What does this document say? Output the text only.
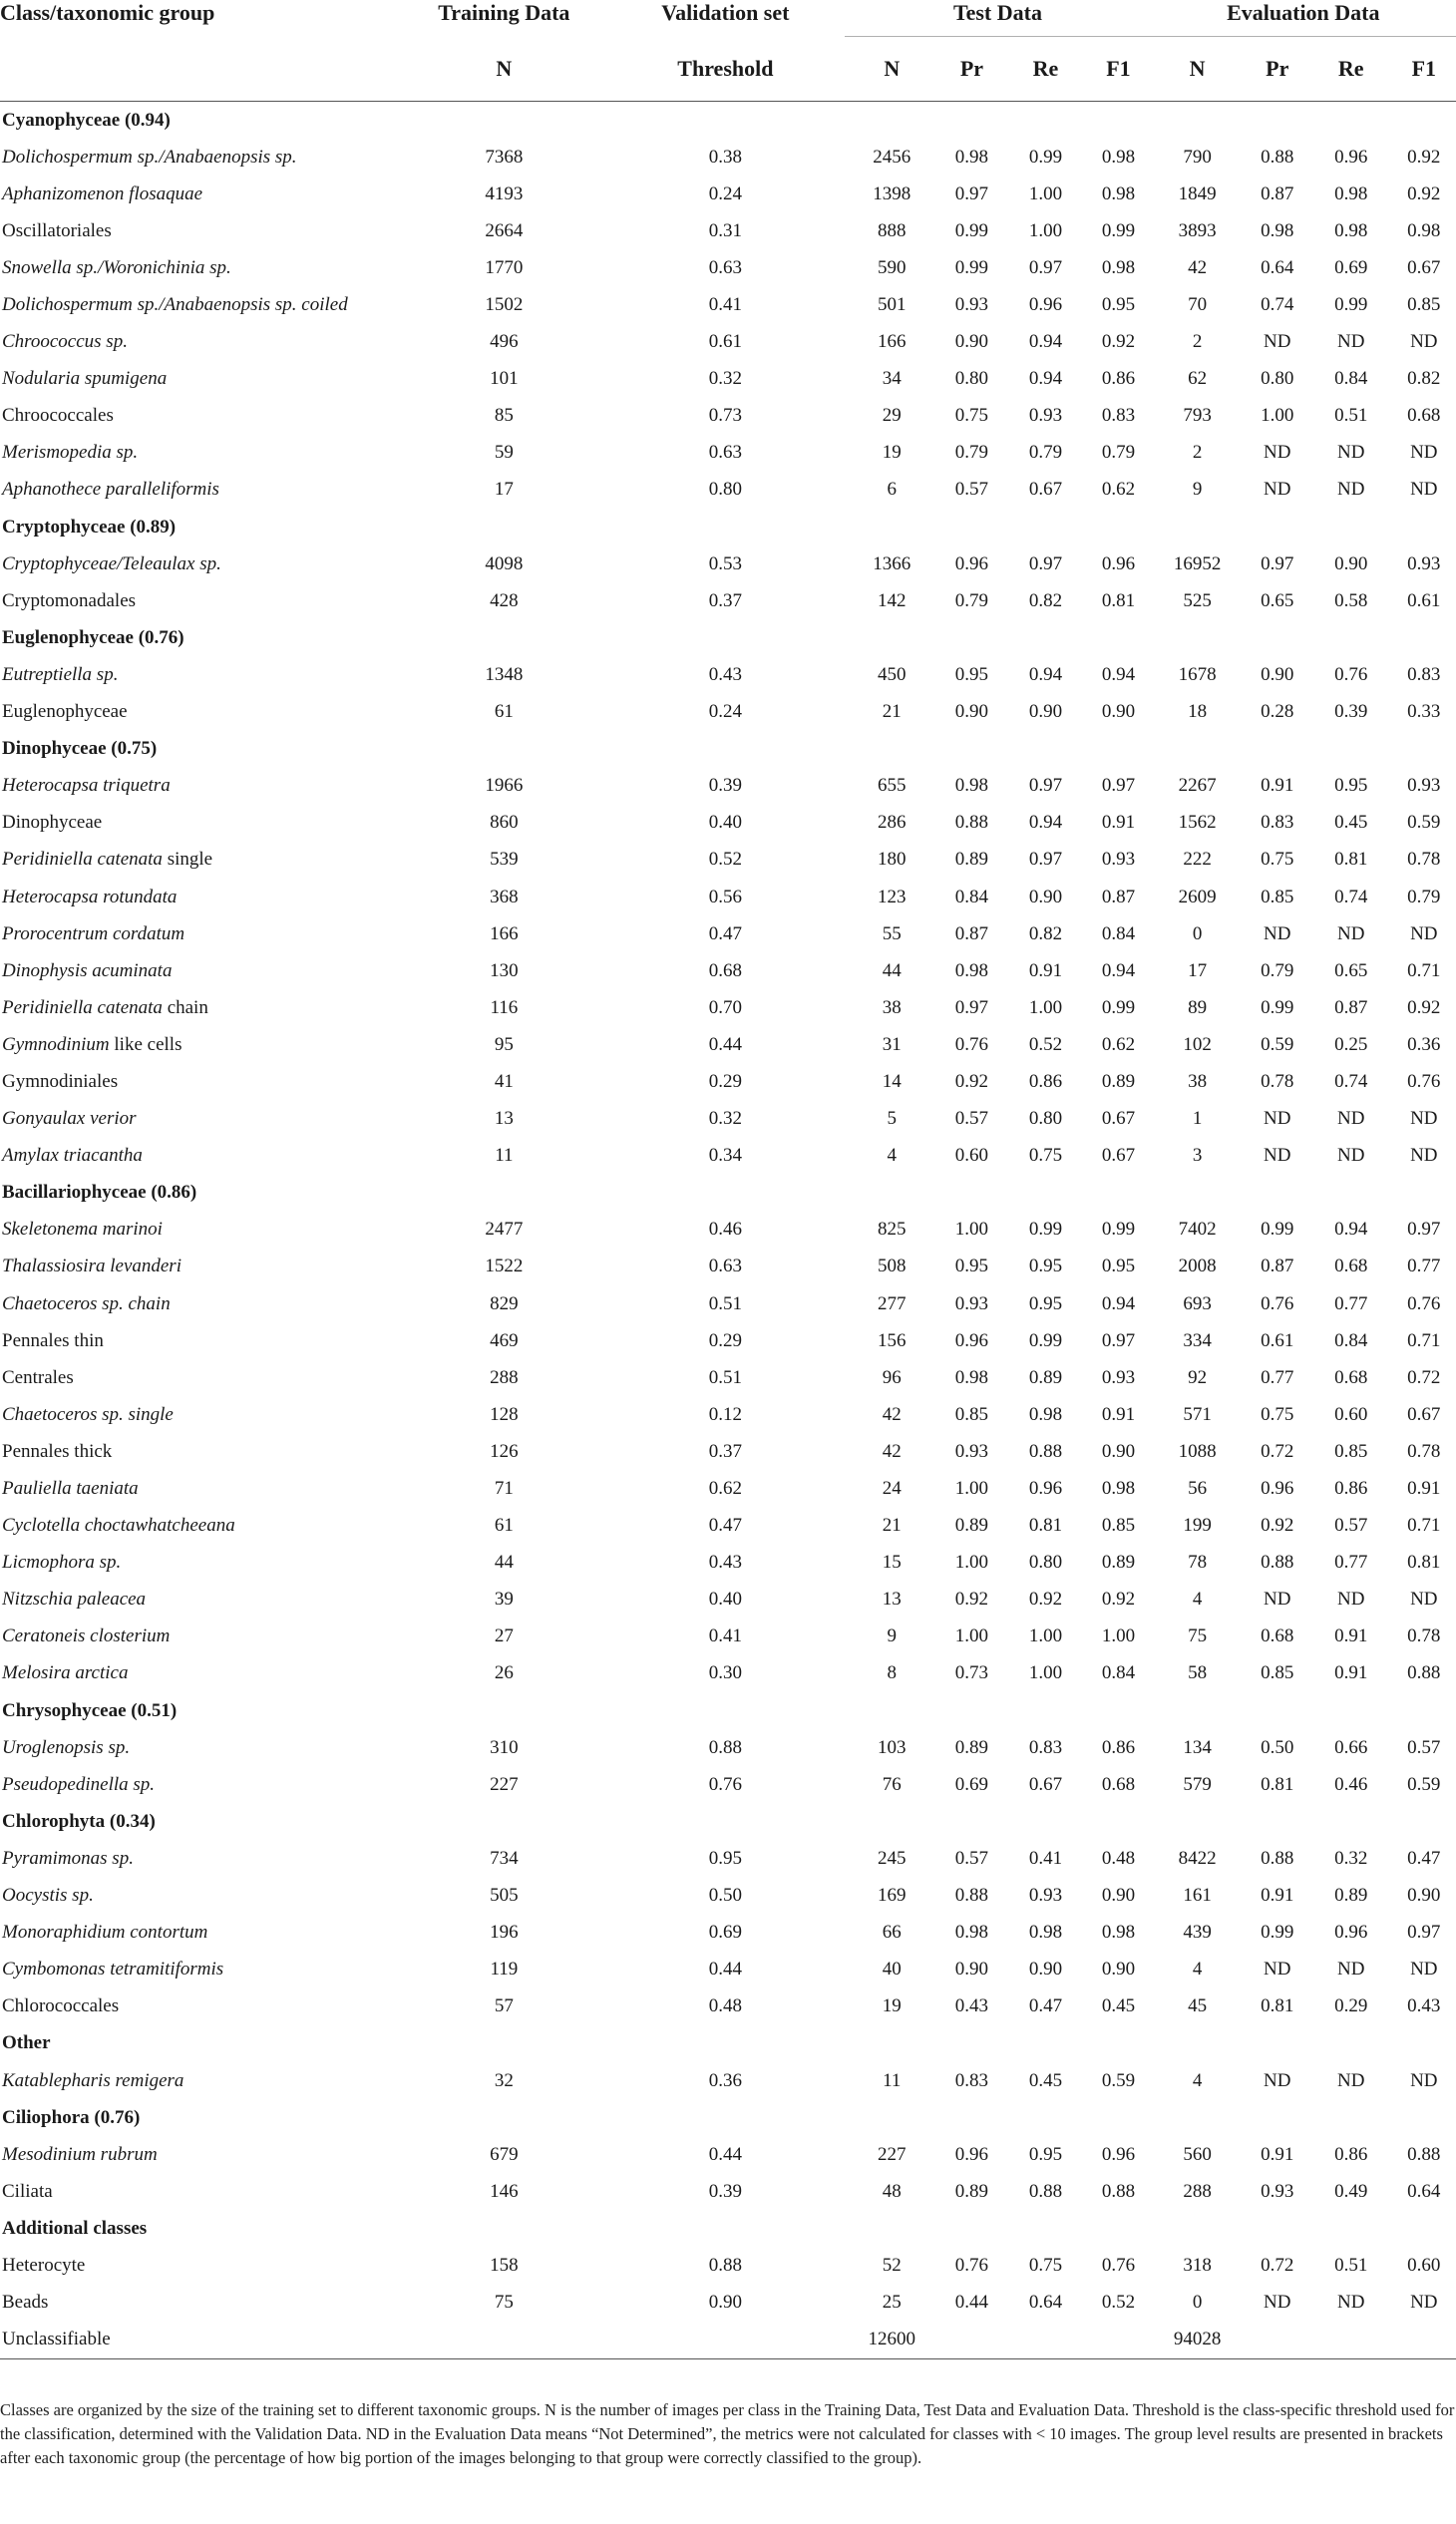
Class/taxonomic group	Training Data	Validation set	Test Data				Evaluation Data			
	N	Threshold	N	Pr	Re	F1	N	Pr	Re	F1
Cyanophyceae (0.94)										
Dolichospermum sp./Anabaenopsis sp.	7368	0.38	2456	0.98	0.99	0.98	790	0.88	0.96	0.92
Aphanizomenon flosaquae	4193	0.24	1398	0.97	1.00	0.98	1849	0.87	0.98	0.92
Oscillatoriales	2664	0.31	888	0.99	1.00	0.99	3893	0.98	0.98	0.98
Snowella sp./Woronichinia sp.	1770	0.63	590	0.99	0.97	0.98	42	0.64	0.69	0.67
Dolichospermum sp./Anabaenopsis sp. coiled	1502	0.41	501	0.93	0.96	0.95	70	0.74	0.99	0.85
Chroococcus sp.	496	0.61	166	0.90	0.94	0.92	2	ND	ND	ND
Nodularia spumigena	101	0.32	34	0.80	0.94	0.86	62	0.80	0.84	0.82
Chroococcales	85	0.73	29	0.75	0.93	0.83	793	1.00	0.51	0.68
Merismopedia sp.	59	0.63	19	0.79	0.79	0.79	2	ND	ND	ND
Aphanothece paralleliformis	17	0.80	6	0.57	0.67	0.62	9	ND	ND	ND
Cryptophyceae (0.89)										
Cryptophyceae/Teleaulax sp.	4098	0.53	1366	0.96	0.97	0.96	16952	0.97	0.90	0.93
Cryptomonadales	428	0.37	142	0.79	0.82	0.81	525	0.65	0.58	0.61
Euglenophyceae (0.76)										
Eutreptiella sp.	1348	0.43	450	0.95	0.94	0.94	1678	0.90	0.76	0.83
Euglenophyceae	61	0.24	21	0.90	0.90	0.90	18	0.28	0.39	0.33
Dinophyceae (0.75)										
Heterocapsa triquetra	1966	0.39	655	0.98	0.97	0.97	2267	0.91	0.95	0.93
Dinophyceae	860	0.40	286	0.88	0.94	0.91	1562	0.83	0.45	0.59
Peridiniella catenata single	539	0.52	180	0.89	0.97	0.93	222	0.75	0.81	0.78
Heterocapsa rotundata	368	0.56	123	0.84	0.90	0.87	2609	0.85	0.74	0.79
Prorocentrum cordatum	166	0.47	55	0.87	0.82	0.84	0	ND	ND	ND
Dinophysis acuminata	130	0.68	44	0.98	0.91	0.94	17	0.79	0.65	0.71
Peridiniella catenata chain	116	0.70	38	0.97	1.00	0.99	89	0.99	0.87	0.92
Gymnodinium like cells	95	0.44	31	0.76	0.52	0.62	102	0.59	0.25	0.36
Gymnodiniales	41	0.29	14	0.92	0.86	0.89	38	0.78	0.74	0.76
Gonyaulax verior	13	0.32	5	0.57	0.80	0.67	1	ND	ND	ND
Amylax triacantha	11	0.34	4	0.60	0.75	0.67	3	ND	ND	ND
Bacillariophyceae (0.86)										
Skeletonema marinoi	2477	0.46	825	1.00	0.99	0.99	7402	0.99	0.94	0.97
Thalassiosira levanderi	1522	0.63	508	0.95	0.95	0.95	2008	0.87	0.68	0.77
Chaetoceros sp. chain	829	0.51	277	0.93	0.95	0.94	693	0.76	0.77	0.76
Pennales thin	469	0.29	156	0.96	0.99	0.97	334	0.61	0.84	0.71
Centrales	288	0.51	96	0.98	0.89	0.93	92	0.77	0.68	0.72
Chaetoceros sp. single	128	0.12	42	0.85	0.98	0.91	571	0.75	0.60	0.67
Pennales thick	126	0.37	42	0.93	0.88	0.90	1088	0.72	0.85	0.78
Pauliella taeniata	71	0.62	24	1.00	0.96	0.98	56	0.96	0.86	0.91
Cyclotella choctawhatcheeana	61	0.47	21	0.89	0.81	0.85	199	0.92	0.57	0.71
Licmophora sp.	44	0.43	15	1.00	0.80	0.89	78	0.88	0.77	0.81
Nitzschia paleacea	39	0.40	13	0.92	0.92	0.92	4	ND	ND	ND
Ceratoneis closterium	27	0.41	9	1.00	1.00	1.00	75	0.68	0.91	0.78
Melosira arctica	26	0.30	8	0.73	1.00	0.84	58	0.85	0.91	0.88
Chrysophyceae (0.51)										
Uroglenopsis sp.	310	0.88	103	0.89	0.83	0.86	134	0.50	0.66	0.57
Pseudopedinella sp.	227	0.76	76	0.69	0.67	0.68	579	0.81	0.46	0.59
Chlorophyta (0.34)										
Pyramimonas sp.	734	0.95	245	0.57	0.41	0.48	8422	0.88	0.32	0.47
Oocystis sp.	505	0.50	169	0.88	0.93	0.90	161	0.91	0.89	0.90
Monoraphidium contortum	196	0.69	66	0.98	0.98	0.98	439	0.99	0.96	0.97
Cymbomonas tetramitiformis	119	0.44	40	0.90	0.90	0.90	4	ND	ND	ND
Chlorococcales	57	0.48	19	0.43	0.47	0.45	45	0.81	0.29	0.43
Other										
Katablepharis remigera	32	0.36	11	0.83	0.45	0.59	4	ND	ND	ND
Ciliophora (0.76)										
Mesodinium rubrum	679	0.44	227	0.96	0.95	0.96	560	0.91	0.86	0.88
Ciliata	146	0.39	48	0.89	0.88	0.88	288	0.93	0.49	0.64
Additional classes										
Heterocyte	158	0.88	52	0.76	0.75	0.76	318	0.72	0.51	0.60
Beads	75	0.90	25	0.44	0.64	0.52	0	ND	ND	ND
Unclassifiable			12600				94028			

Classes are organized by the size of the training set to different taxonomic groups. N is the number of images per class in the Training Data, Test Data and Evaluation Data. Threshold is the class-specific threshold used for the classification, determined with the Validation Data. ND in the Evaluation Data means “Not Determined”, the metrics were not calculated for classes with < 10 images. The group level results are presented in brackets after each taxonomic group (the percentage of how big portion of the images belonging to that group were correctly classified to the group).
